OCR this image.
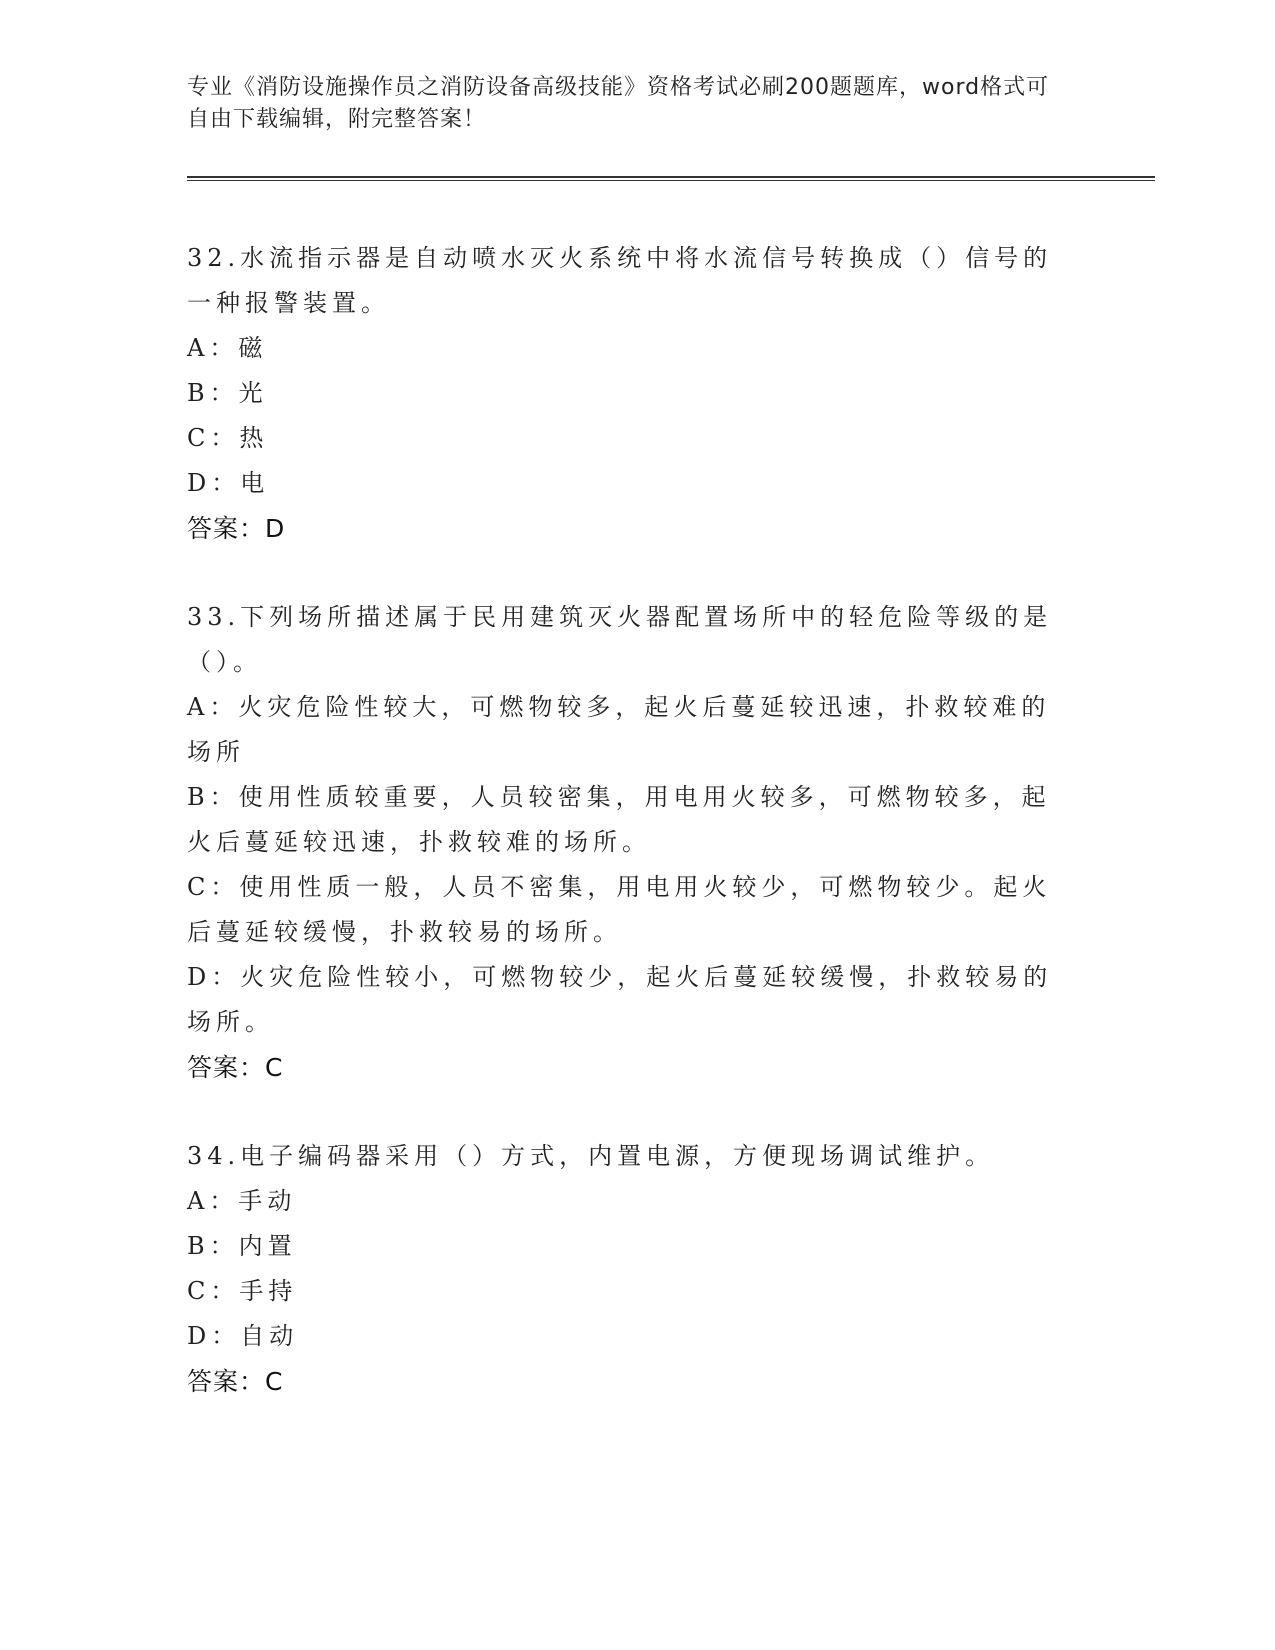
专业《消防设施操作员之消防设备高级技能》资格考试必刷200题题库，word格式可自由下载编辑，附完整答案！

32.水流指示器是自动喷水灭火系统中将水流信号转换成（）信号的一种报警装置。

A：磁

B：光

C：热

D：电

答案：D

33.下列场所描述属于民用建筑灭火器配置场所中的轻危险等级的是（）。

A：火灾危险性较大，可燃物较多，起火后蔓延较迅速，扑救较难的场所

B：使用性质较重要，人员较密集，用电用火较多，可燃物较多，起火后蔓延较迅速，扑救较难的场所。

C：使用性质一般，人员不密集，用电用火较少，可燃物较少。起火后蔓延较缓慢，扑救较易的场所。

D：火灾危险性较小，可燃物较少，起火后蔓延较缓慢，扑救较易的场所。

答案：C

34.电子编码器采用（）方式，内置电源，方便现场调试维护。

A：手动

B：内置

C：手持

D：自动

答案：C
